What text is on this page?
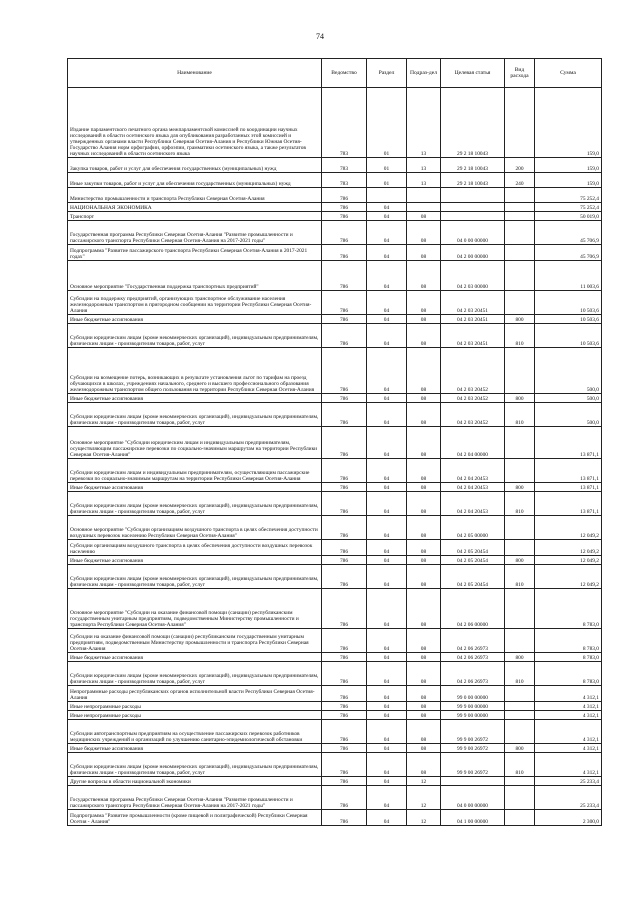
74
Наименование	Ведомство	Раздел	Подраз-дел	Целевая статья	Вид расхода	Сумма
Издание парламентского печатного органа межпарламентской комиссией по координации научных исследований в области осетинского языка для опубликования разработанных этой комиссией и утвержденных органами власти Республики Северная Осетия-Алания и Республики Южная Осетия-Государство Алания норм орфографии, орфоэпии, грамматики осетинского языка, а также результатов научных исследований в области осетинского языка	783	01	13	29 2 18 10043		159,0
Закупка товаров, работ и услуг для обеспечения государственных (муниципальных) нужд	783	01	13	29 2 18 10043	200	159,0
Иные закупки товаров, работ и услуг для обеспечения государственных (муниципальных) нужд	783	01	13	29 2 18 10043	240	159,0
Министерство промышленности и транспорта Республики Северная Осетия-Алания	786					75 252,4
НАЦИОНАЛЬНАЯ ЭКОНОМИКА	786	04				75 252,4
Транспорт	786	04	08			50 019,0
Государственная программа Республики Северная Осетия-Алания "Развитие промышленности и пассажирского транспорта Республики Северная Осетия-Алания на 2017-2021 годы"	786	04	08	04 0 00 00000		45 706,9
Подпрограмма "Развитие пассажирского транспорта Республики Северная Осетия-Алания в 2017-2021 годах"	786	04	08	04 2 00 00000		45 706,9
Основное мероприятие "Государственная поддержка транспортных предприятий"	786	04	08	04 2 03 00000		11 003,6
Субсидии на поддержку предприятий, организующих транспортное обслуживание населения железнодорожным транспортом в пригородном сообщении на территории Республики Северная Осетия-Алания	786	04	08	04 2 03 20451		10 503,6
Иные бюджетные ассигнования	786	04	08	04 2 03 20451	800	10 503,6
Субсидии юридическим лицам (кроме некоммерческих организаций), индивидуальным предпринимателям, физическим лицам - производителям товаров, работ, услуг	786	04	08	04 2 03 20451	810	10 503,6
Субсидии на возмещение потерь, возникающих в результате установления льгот по тарифам на проезд обучающихся в школах, учреждениях начального, среднего и высшего профессионального образования железнодорожным транспортом общего пользования на территории Республики Северная Осетия-Алания	786	04	08	04 2 03 20452		500,0
Иные бюджетные ассигнования	786	04	08	04 2 03 20452	800	500,0
Субсидии юридическим лицам (кроме некоммерческих организаций), индивидуальным предпринимателям, физическим лицам - производителям товаров, работ, услуг	786	04	08	04 2 03 20452	810	500,0
Основное мероприятие "Субсидии юридическим лицам и индивидуальным предпринимателям, осуществляющим пассажирские перевозки по социально-значимым маршрутам на территории Республики Северная Осетия-Алания"	786	04	08	04 2 04 00000		13 871,1
Субсидии юридическим лицам и индивидуальным предпринимателям, осуществляющим пассажирские перевозки по социально-значимым маршрутам на территории Республики Северная Осетия-Алания	786	04	08	04 2 04 20453		13 871,1
Иные бюджетные ассигнования	786	04	08	04 2 04 20453	800	13 871,1
Субсидии юридическим лицам (кроме некоммерческих организаций), индивидуальным предпринимателям, физическим лицам - производителям товаров, работ, услуг	786	04	08	04 2 04 20453	810	13 871,1
Основное мероприятие "Субсидии организациям воздушного транспорта в целях обеспечения доступности воздушных перевозок населению Республики Северная Осетия-Алания"	786	04	08	04 2 05 00000		12 049,2
Субсидии организациям воздушного транспорта в целях обеспечения доступности воздушных перевозок населению	786	04	08	04 2 05 20454		12 049,2
Иные бюджетные ассигнования	786	04	08	04 2 05 20454	800	12 049,2
Субсидии юридическим лицам (кроме некоммерческих организаций), индивидуальным предпринимателям, физическим лицам - производителям товаров, работ, услуг	786	04	08	04 2 05 20454	810	12 049,2
Основное мероприятие "Субсидии на оказание финансовой помощи (санации) республиканским государственным унитарным предприятиям, подведомственным Министерству промышленности и транспорта Республики Северная Осетия-Алания"	786	04	08	04 2 06 00000		8 783,0
Субсидии на оказание финансовой помощи (санации) республиканским государственным унитарным предприятиям, подведомственным Министерству промышленности и транспорта Республики Северная Осетия-Алания	786	04	08	04 2 06 26973		8 783,0
Иные бюджетные ассигнования	786	04	08	04 2 06 26973	800	8 783,0
Субсидии юридическим лицам (кроме некоммерческих организаций), индивидуальным предпринимателям, физическим лицам - производителям товаров, работ, услуг	786	04	08	04 2 06 26973	810	8 783,0
Непрограммные расходы республиканских органов исполнительной власти Республики Северная Осетия-Алания	786	04	08	99 0 00 00000		4 312,1
Иные непрограммные расходы	786	04	08	99 9 00 00000		4 312,1
Иные непрограммные расходы	786	04	08	99 9 00 00000		4 312,1
Субсидии автотранспортным предприятиям на осуществление пассажирских перевозок работников медицинских учреждений и организаций по улучшению санитарно-эпидемиологической обстановки	786	04	08	99 9 00 26972		4 312,1
Иные бюджетные ассигнования	786	04	08	99 9 00 26972	800	4 312,1
Субсидии юридическим лицам (кроме некоммерческих организаций), индивидуальным предпринимателям, физическим лицам - производителям товаров, работ, услуг	786	04	08	99 9 00 26972	810	4 312,1
Другие вопросы в области национальной экономики	786	04	12			25 233,4
Государственная программа Республики Северная Осетия-Алания "Развитие промышленности и пассажирского транспорта Республики Северная Осетия-Алания на 2017-2021 годы"	786	04	12	04 0 00 00000		25 233,4
Подпрограмма "Развитие промышленности (кроме пищевой и полиграфической) Республики Северная Осетия - Алания"	786	04	12	04 1 00 00000		2 300,0
